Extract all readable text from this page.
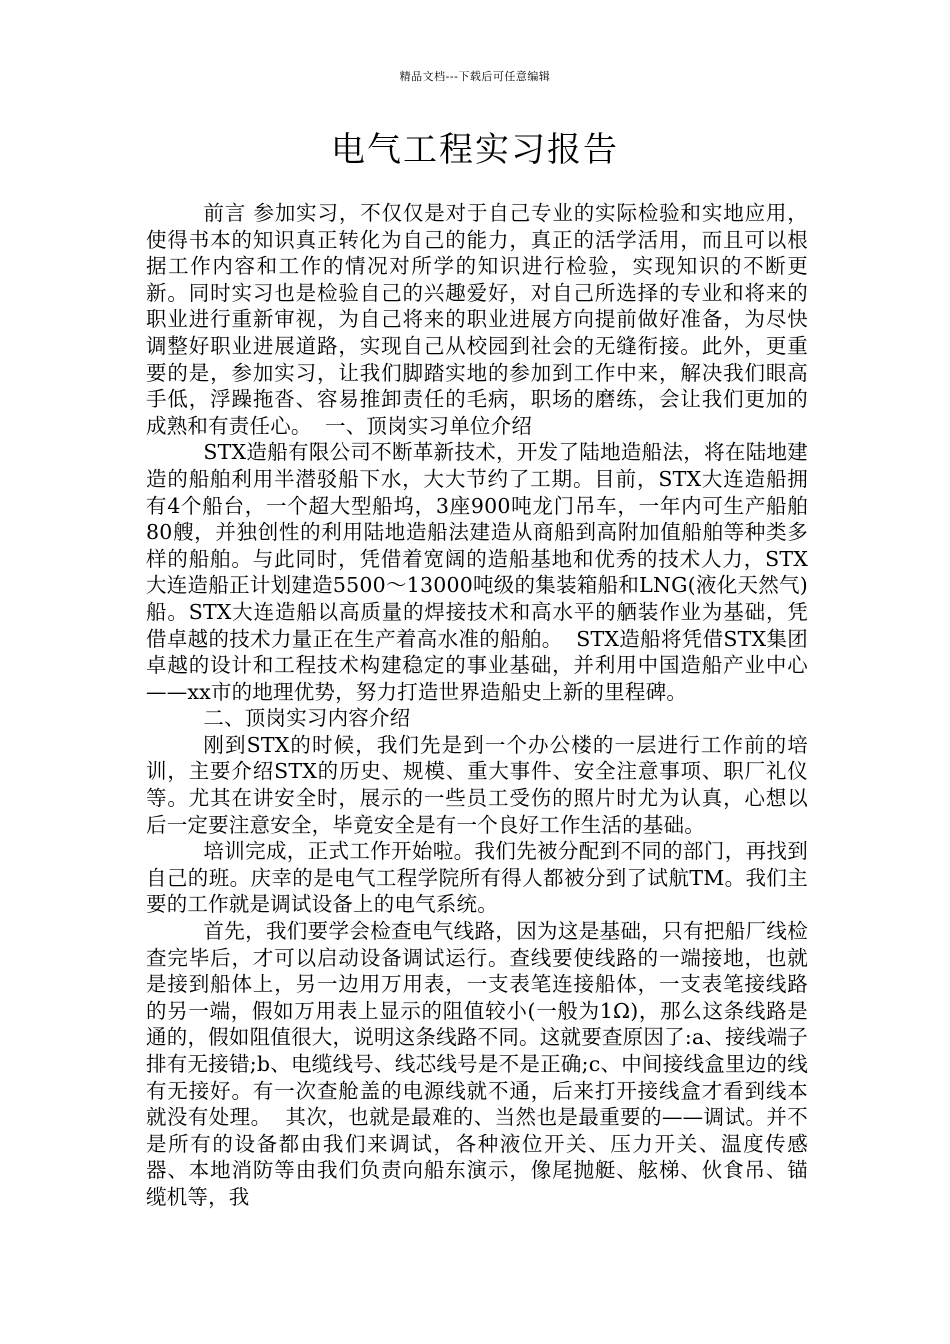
精品文档---下载后可任意编辑
电气工程实习报告

前言 参加实习，不仅仅是对于自己专业的实际检验和实地应用，使得书本的知识真正转化为自己的能力，真正的活学活用，而且可以根据工作内容和工作的情况对所学的知识进行检验，实现知识的不断更新。同时实习也是检验自己的兴趣爱好，对自己所选择的专业和将来的职业进行重新审视，为自己将来的职业进展方向提前做好准备，为尽快调整好职业进展道路，实现自己从校园到社会的无缝衔接。此外，更重要的是，参加实习，让我们脚踏实地的参加到工作中来，解决我们眼高手低，浮躁拖沓、容易推卸责任的毛病，职场的磨练，会让我们更加的成熟和有责任心。  一、顶岗实习单位介绍

STX造船有限公司不断革新技术，开发了陆地造船法，将在陆地建造的船舶利用半潜驳船下水，大大节约了工期。目前，STX大连造船拥有4个船台，一个超大型船坞，3座900吨龙门吊车，一年内可生产船舶80艘，并独创性的利用陆地造船法建造从商船到高附加值船舶等种类多样的船舶。与此同时，凭借着宽阔的造船基地和优秀的技术人力，STX大连造船正计划建造5500～13000吨级的集装箱船和LNG(液化天然气)船。STX大连造船以高质量的焊接技术和高水平的舾装作业为基础，凭借卓越的技术力量正在生产着高水准的船舶。  STX造船将凭借STX集团卓越的设计和工程技术构建稳定的事业基础，并利用中国造船产业中心——xx市的地理优势，努力打造世界造船史上新的里程碑。

二、顶岗实习内容介绍

刚到STX的时候，我们先是到一个办公楼的一层进行工作前的培训，主要介绍STX的历史、规模、重大事件、安全注意事项、职厂礼仪等。尤其在讲安全时，展示的一些员工受伤的照片时尤为认真，心想以后一定要注意安全，毕竟安全是有一个良好工作生活的基础。

培训完成，正式工作开始啦。我们先被分配到不同的部门，再找到自己的班。庆幸的是电气工程学院所有得人都被分到了试航TM。我们主要的工作就是调试设备上的电气系统。

首先，我们要学会检查电气线路，因为这是基础，只有把船厂线检查完毕后，才可以启动设备调试运行。查线要使线路的一端接地，也就是接到船体上，另一边用万用表，一支表笔连接船体，一支表笔接线路的另一端，假如万用表上显示的阻值较小(一般为1Ω)，那么这条线路是通的，假如阻值很大，说明这条线路不同。这就要查原因了:a、接线端子排有无接错;b、电缆线号、线芯线号是不是正确;c、中间接线盒里边的线有无接好。有一次查舱盖的电源线就不通，后来打开接线盒才看到线本就没有处理。  其次，也就是最难的、当然也是最重要的——调试。并不是所有的设备都由我们来调试，各种液位开关、压力开关、温度传感器、本地消防等由我们负责向船东演示，像尾抛艇、舷梯、伙食吊、锚缆机等，我
